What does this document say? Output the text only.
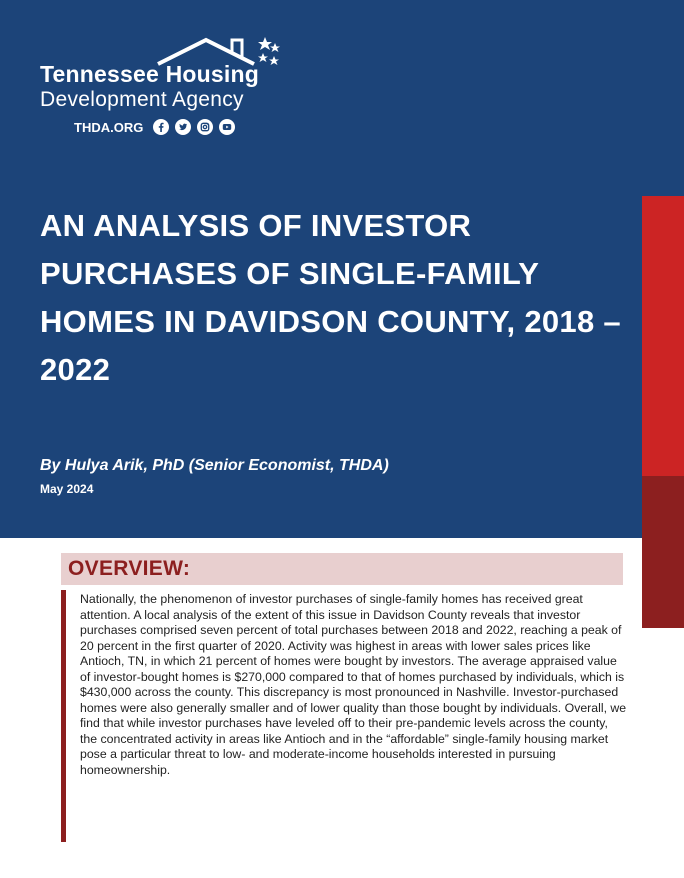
Tennessee Housing
Development Agency
THDA.ORG
AN ANALYSIS OF INVESTOR PURCHASES OF SINGLE-FAMILY HOMES IN DAVIDSON COUNTY, 2018 – 2022
By Hulya Arik, PhD (Senior Economist, THDA)
May 2024
OVERVIEW:
Nationally, the phenomenon of investor purchases of single-family homes has received great attention. A local analysis of the extent of this issue in Davidson County reveals that investor purchases comprised seven percent of total purchases between 2018 and 2022, reaching a peak of 20 percent in the first quarter of 2020. Activity was highest in areas with lower sales prices like Antioch, TN, in which 21 percent of homes were bought by investors. The average appraised value of investor-bought homes is $270,000 compared to that of homes purchased by individuals, which is $430,000 across the county. This discrepancy is most pronounced in Nashville. Investor-purchased homes were also generally smaller and of lower quality than those bought by individuals. Overall, we find that while investor purchases have leveled off to their pre-pandemic levels across the county, the concentrated activity in areas like Antioch and in the “affordable” single-family housing market pose a particular threat to low- and moderate-income households interested in pursuing homeownership.
